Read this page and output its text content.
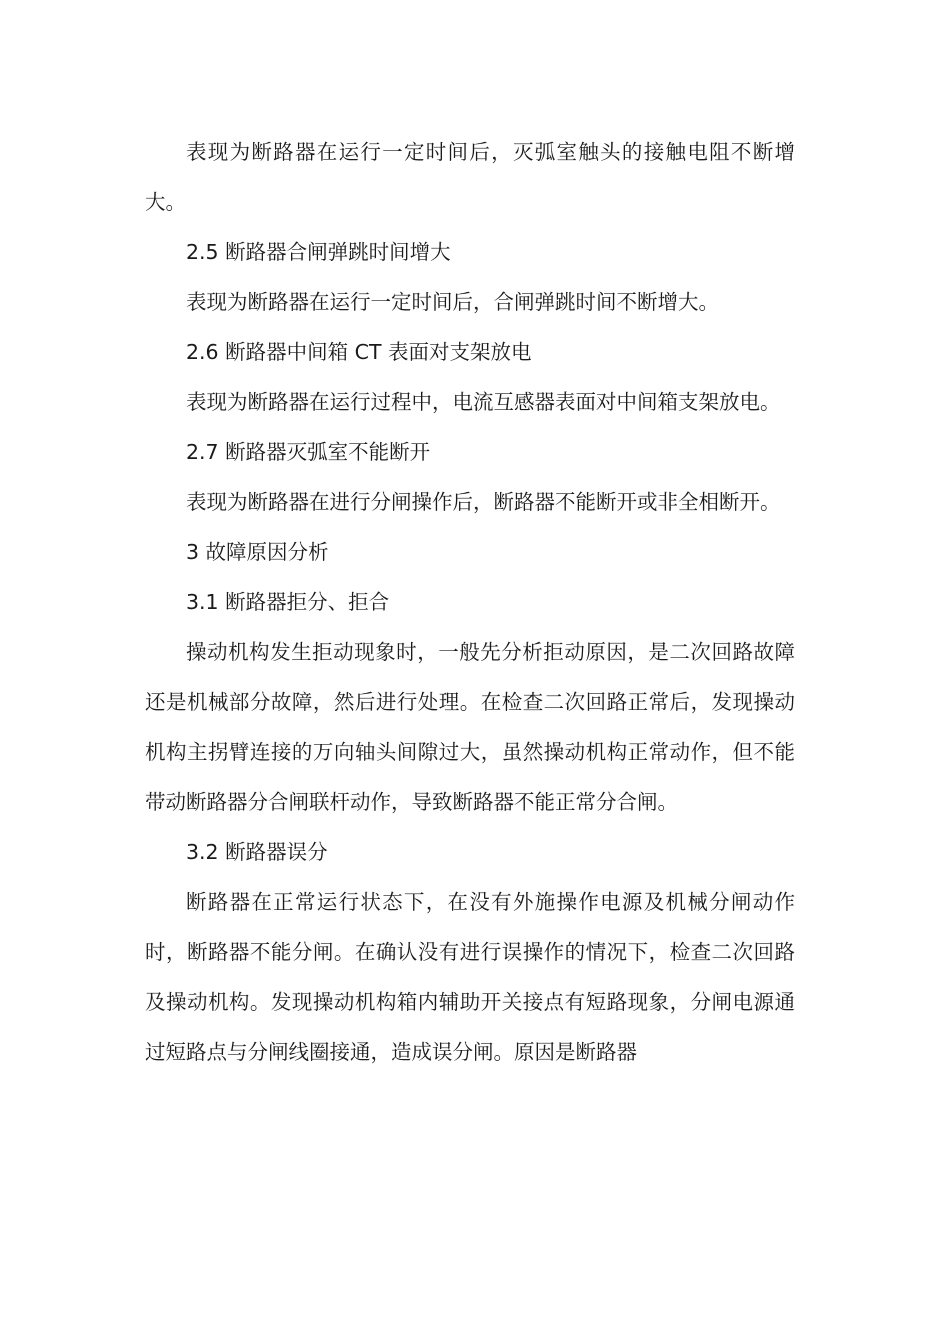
表现为断路器在运行一定时间后，灭弧室触头的接触电阻不断增大。

2.5 断路器合闸弹跳时间增大

表现为断路器在运行一定时间后，合闸弹跳时间不断增大。

2.6 断路器中间箱 CT 表面对支架放电

表现为断路器在运行过程中，电流互感器表面对中间箱支架放电。

2.7 断路器灭弧室不能断开

表现为断路器在进行分闸操作后，断路器不能断开或非全相断开。

3 故障原因分析

3.1 断路器拒分、拒合

操动机构发生拒动现象时，一般先分析拒动原因，是二次回路故障还是机械部分故障，然后进行处理。在检查二次回路正常后，发现操动机构主拐臂连接的万向轴头间隙过大，虽然操动机构正常动作，但不能带动断路器分合闸联杆动作，导致断路器不能正常分合闸。

3.2 断路器误分

断路器在正常运行状态下，在没有外施操作电源及机械分闸动作时，断路器不能分闸。在确认没有进行误操作的情况下，检查二次回路及操动机构。发现操动机构箱内辅助开关接点有短路现象，分闸电源通过短路点与分闸线圈接通，造成误分闸。原因是断路器
